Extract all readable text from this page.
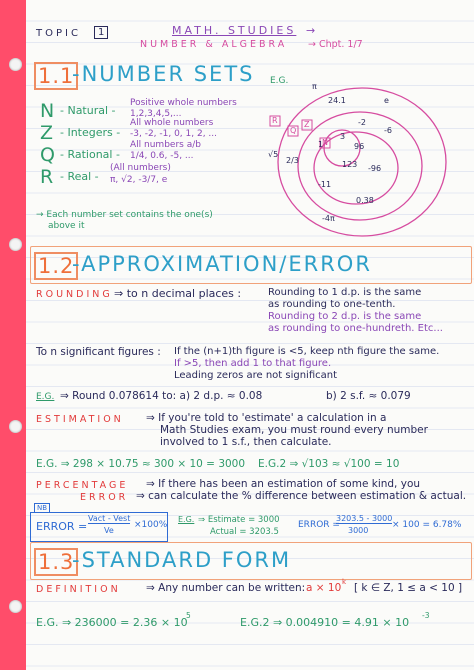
TOPIC	1	MATH. STUDIES →
NUMBER & ALGEBRA → Chpt. 1/7
1.1
-NUMBER SETS
N - Natural -
Positive whole numbers
1,2,3,4,5,...
Z - Integers -
All whole numbers
-3, -2, -1, 0, 1, 2, ...
Q - Rational -
All numbers a/b
1/4, 0.6, -5, ...
R - Real -
(All numbers)
π, √2, -3/7, e
→ Each number set contains the one(s)
above it
E.G.
R
Q
Z
N
π
24.1	e
-2
√5
2/3
3
96
-6
-11
123 -96
0.38
-4π
1
1.2
-APPROXIMATION/ERROR
ROUNDING ⇒ to n decimal places :	Rounding to 1 d.p. is the same
as rounding to one-tenth.
Rounding to 2 d.p. is the same
as rounding to one-hundreth. Etc...
To n significant figures : If the (n+1)th figure is <5, keep nth figure the same.
If >5, then add 1 to that figure.
Leading zeros are not significant
E.G. ⇒ Round 0.078614 to: a) 2 d.p. ≈ 0.08	b) 2 s.f. ≈ 0.079
ESTIMATION ⇒ If you're told to 'estimate' a calculation in a
Math Studies exam, you must round every number
involved to 1 s.f., then calculate.
E.G. ⇒ 298 × 10.75 ≈ 300 × 10 = 3000 E.G.2 ⇒ √103 ≈ √100 = 10
PERCENTAGE
ERROR
⇒ If there has been an estimation of some kind, you
⇒ can calculate the % difference between estimation & actual.
NB
ERROR =
Vact - Vest
Ve
×100%
E.G. ⇒ Estimate = 3000
Actual = 3203.5
ERROR =
3203.5 - 3000
3000
× 100 = 6.78%
1.3
-STANDARD FORM
DEFINITION ⇒ Any number can be written: a × 10 k [ k ∈ Z, 1 ≤ a < 10 ]
E.G. ⇒ 236000 = 2.36 × 10
5
E.G.2 ⇒ 0.004910 = 4.91 × 10
-3
